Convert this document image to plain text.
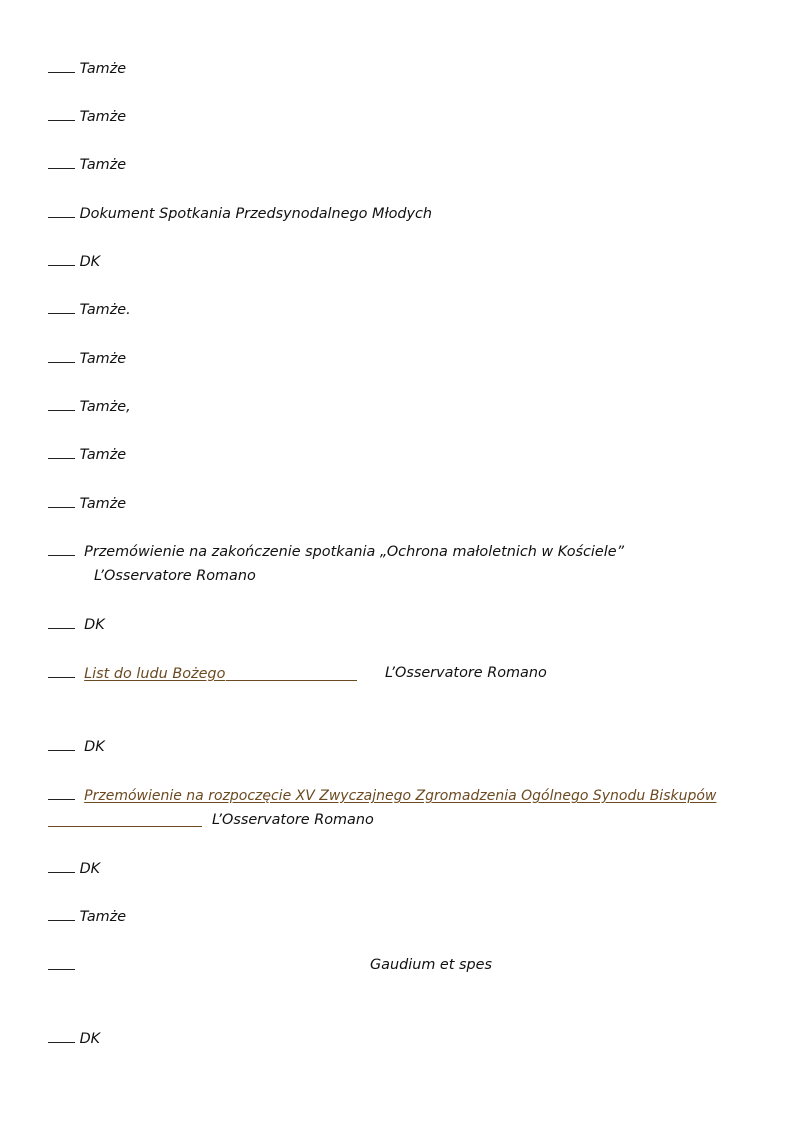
Tamże
Tamże
Tamże
Dokument Spotkania Przedsynodalnego Młodych
DK
Tamże.
Tamże
Tamże,
Tamże
Tamże
Przemówienie na zakończenie spotkania „Ochrona małoletnich w Kościele”
L’Osservatore Romano
DK
List do ludu Bożego	L’Osservatore Romano
DK
Przemówienie na rozpoczęcie XV Zwyczajnego Zgromadzenia Ogólnego Synodu Biskupów
L’Osservatore Romano
DK
Tamże
Gaudium et spes
DK
